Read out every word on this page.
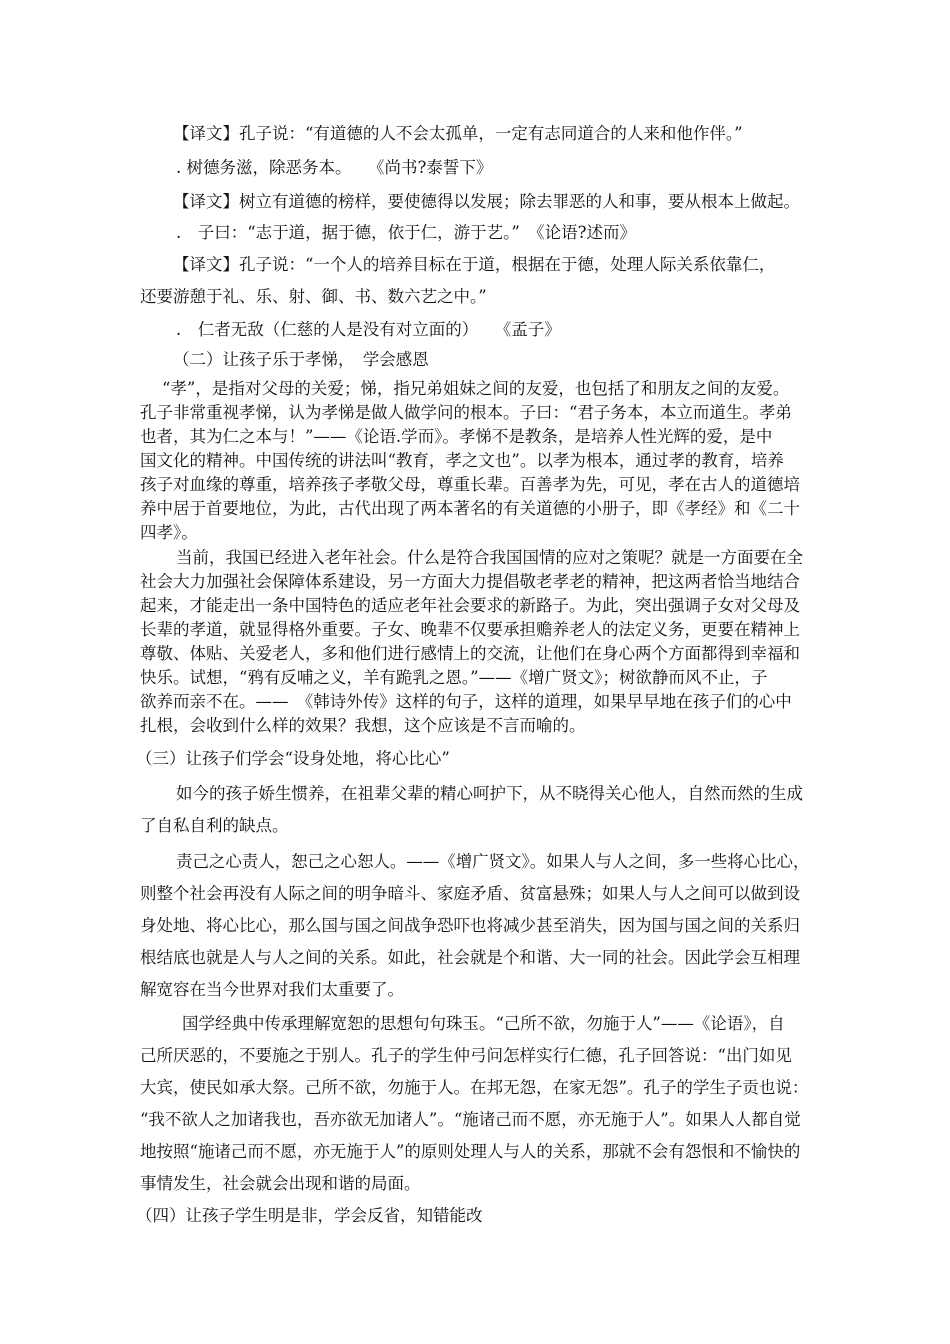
【译文】孔子说：“有道德的人不会太孤单，一定有志同道合的人来和他作伴。”
. 树德务滋，除恶务本。　　《尚书?泰誓下》
【译文】树立有道德的榜样，要使德得以发展；除去罪恶的人和事，要从根本上做起。
.　子曰：“志于道，据于德，依于仁，游于艺。”　《论语?述而》
【译文】孔子说：“一个人的培养目标在于道，根据在于德，处理人际关系依靠仁，
还要游憩于礼、乐、射、御、书、数六艺之中。”
.　仁者无敌（仁慈的人是没有对立面的）　　《孟子》
（二）让孩子乐于孝悌，　学会感恩
“孝”，是指对父母的关爱；悌，指兄弟姐妹之间的友爱，也包括了和朋友之间的友爱。
孔子非常重视孝悌，认为孝悌是做人做学问的根本。子曰：“君子务本，本立而道生。孝弟
也者，其为仁之本与！”——《论语.学而》。孝悌不是教条，是培养人性光辉的爱，是中
国文化的精神。中国传统的讲法叫“教育，孝之文也”。以孝为根本，通过孝的教育，培养
孩子对血缘的尊重，培养孩子孝敬父母，尊重长辈。百善孝为先，可见，孝在古人的道德培
养中居于首要地位，为此，古代出现了两本著名的有关道德的小册子，即《孝经》和《二十
四孝》。
当前，我国已经进入老年社会。什么是符合我国国情的应对之策呢？就是一方面要在全
社会大力加强社会保障体系建设，另一方面大力提倡敬老孝老的精神，把这两者恰当地结合
起来，才能走出一条中国特色的适应老年社会要求的新路子。为此，突出强调子女对父母及
长辈的孝道，就显得格外重要。子女、晚辈不仅要承担赡养老人的法定义务，更要在精神上
尊敬、体贴、关爱老人，多和他们进行感情上的交流，让他们在身心两个方面都得到幸福和
快乐。试想，“鸦有反哺之义，羊有跪乳之恩。”——《增广贤文》；树欲静而风不止，子
欲养而亲不在。——　《韩诗外传》这样的句子，这样的道理，如果早早地在孩子们的心中
扎根，会收到什么样的效果？我想，这个应该是不言而喻的。
（三）让孩子们学会“设身处地，将心比心”
如今的孩子娇生惯养，在祖辈父辈的精心呵护下，从不晓得关心他人，自然而然的生成
了自私自利的缺点。
责己之心责人，恕己之心恕人。——《增广贤文》。如果人与人之间，多一些将心比心，
则整个社会再没有人际之间的明争暗斗、家庭矛盾、贫富悬殊；如果人与人之间可以做到设
身处地、将心比心，那么国与国之间战争恐吓也将减少甚至消失，因为国与国之间的关系归
根结底也就是人与人之间的关系。如此，社会就是个和谐、大一同的社会。因此学会互相理
解宽容在当今世界对我们太重要了。
国学经典中传承理解宽恕的思想句句珠玉。“己所不欲，勿施于人”——《论语》，自
己所厌恶的，不要施之于别人。孔子的学生仲弓问怎样实行仁德，孔子回答说：“出门如见
大宾，使民如承大祭。己所不欲，勿施于人。在邦无怨，在家无怨”。孔子的学生子贡也说：
“我不欲人之加诸我也，吾亦欲无加诸人”。“施诸己而不愿，亦无施于人”。如果人人都自觉
地按照“施诸己而不愿，亦无施于人”的原则处理人与人的关系，那就不会有怨恨和不愉快的
事情发生，社会就会出现和谐的局面。
（四）让孩子学生明是非，学会反省，知错能改
